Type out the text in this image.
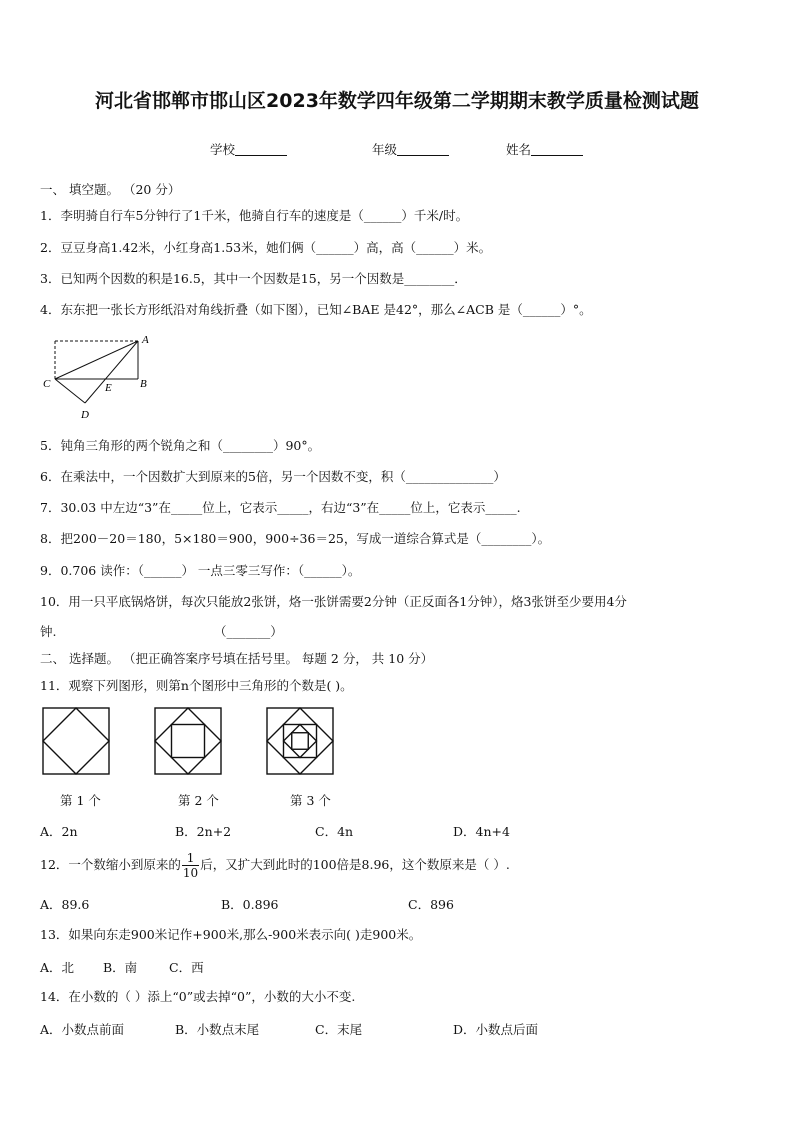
河北省邯郸市邯山区2023年数学四年级第二学期期末教学质量检测试题
学校	年级	姓名
一、 填空题。 （20 分）
1．李明骑自行车5分钟行了1千米，他骑自行车的速度是（______）千米/时。
2．豆豆身高1.42米，小红身高1.53米，她们俩（______）高，高（______）米。
3．已知两个因数的积是16.5，其中一个因数是15，另一个因数是________．
4．东东把一张长方形纸沿对角线折叠（如下图），已知∠BAE 是42°，那么∠ACB 是（______）°。
A
B
C
D
E
5．钝角三角形的两个锐角之和（________）90°。
6．在乘法中，一个因数扩大到原来的5倍，另一个因数不变，积（______________）
7．30.03 中左边“3”在_____位上，它表示_____，右边“3”在_____位上，它表示_____.
8．把200－20＝180，5×180＝900，900÷36＝25，写成一道综合算式是（________）。
9．0.706 读作：（______） 一点三零三写作：（______）。
10．用一只平底锅烙饼，每次只能放2张饼，烙一张饼需要2分钟（正反面各1分钟），烙3张饼至少要用4分
钟.	（_______）
二、 选择题。 （把正确答案序号填在括号里。 每题 2 分， 共 10 分）
11．观察下列图形，则第n个图形中三角形的个数是( )。
第 1 个	第 2 个	第 3 个
A．2n	B．2n+2	C．4n	D．4n+4
12．一个数缩小到原来的 $\frac{1}{10}$ 后，又扩大到此时的100倍是8.96，这个数原来是（ ）.
A．89.6	B．0.896	C．896
13．如果向东走900米记作+900米,那么-900米表示向( )走900米。
A．北 B．南	C．西
14．在小数的（ ）添上“0”或去掉“0”，小数的大小不变.
A．小数点前面	B．小数点末尾	C．末尾	D．小数点后面
